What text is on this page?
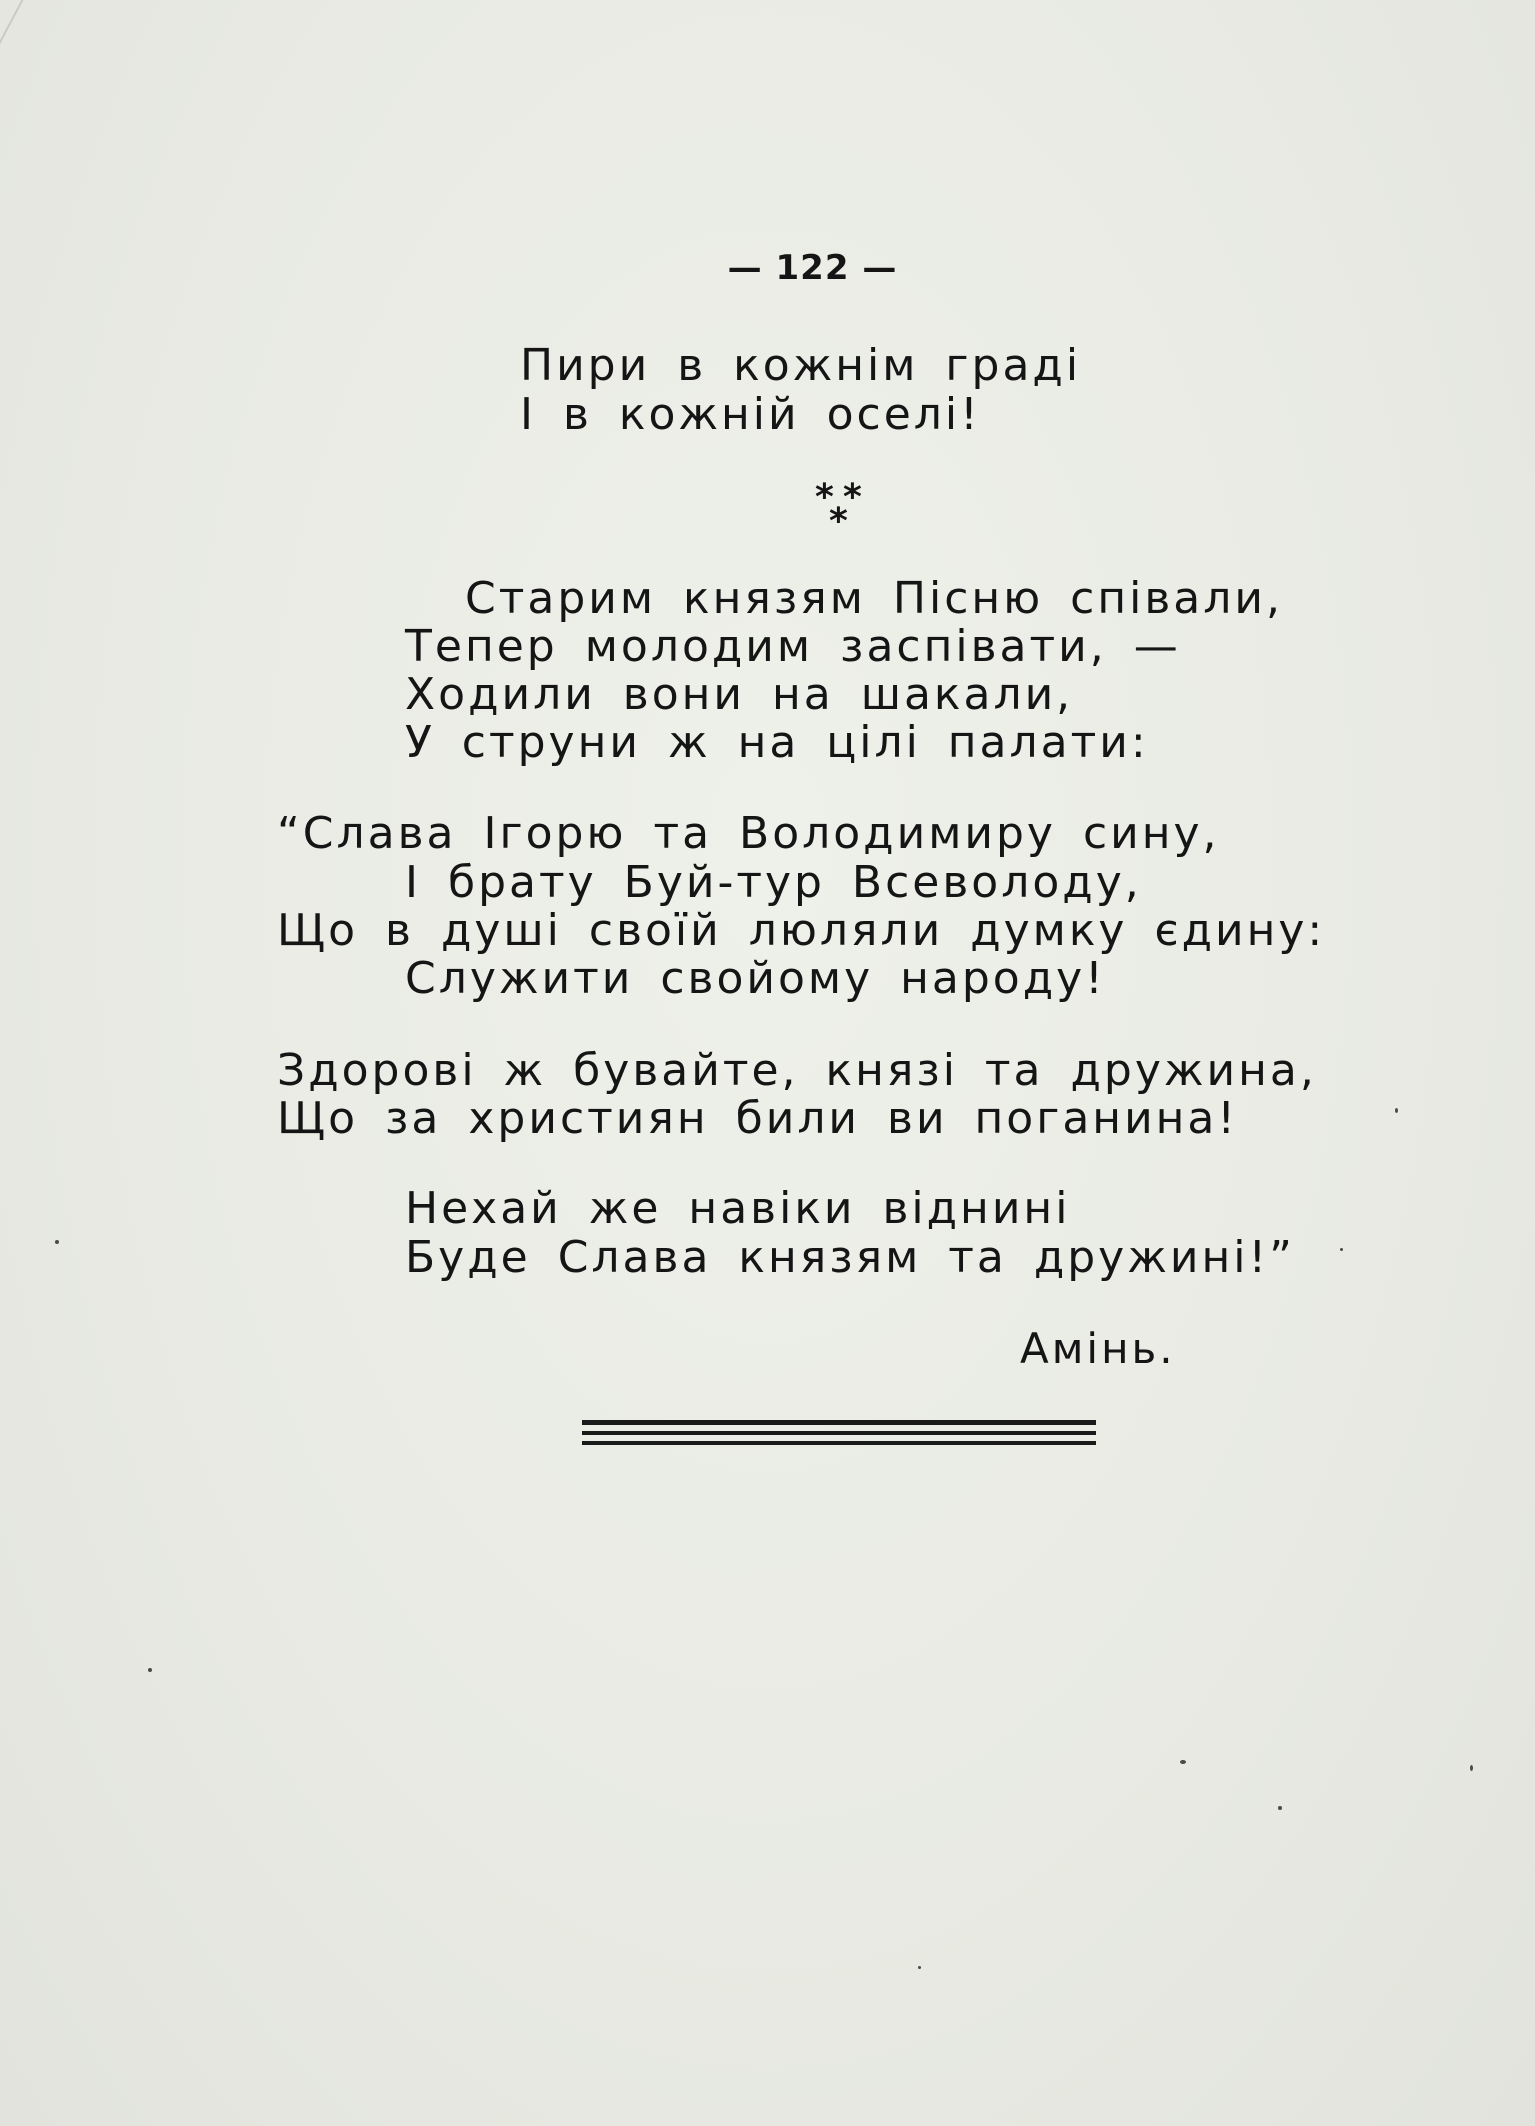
— 122 —
Пири в кожнім граді
І в кожній оселі!
* *
*
Старим князям Пісню співали,
Тепер молодим заспівати, —
Ходили вони на шакали,
У струни ж на цілі палати:
“Слава Ігорю та Володимиру сину,
І брату Буй-тур Всеволоду,
Що в душі своїй люляли думку єдину:
Служити свойому народу!
Здорові ж бувайте, князі та дружина,
Що за християн били ви поганина!
Нехай же навіки віднині
Буде Слава князям та дружині!”
Амінь.
